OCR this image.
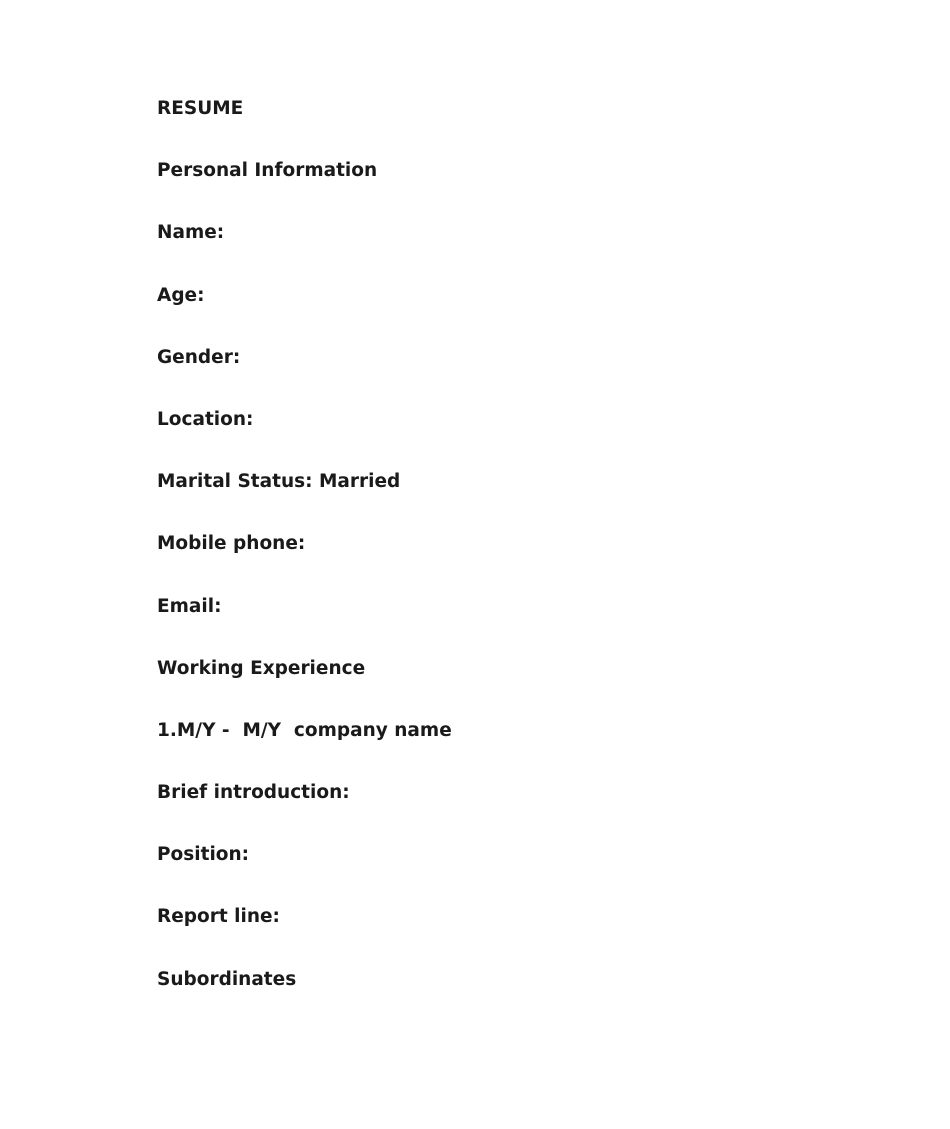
RESUME
Personal Information
Name:
Age:
Gender:
Location:
Marital Status: Married
Mobile phone:
Email:
Working Experience
1.M/Y -  M/Y  company name
Brief introduction:
Position:
Report line:
Subordinates
